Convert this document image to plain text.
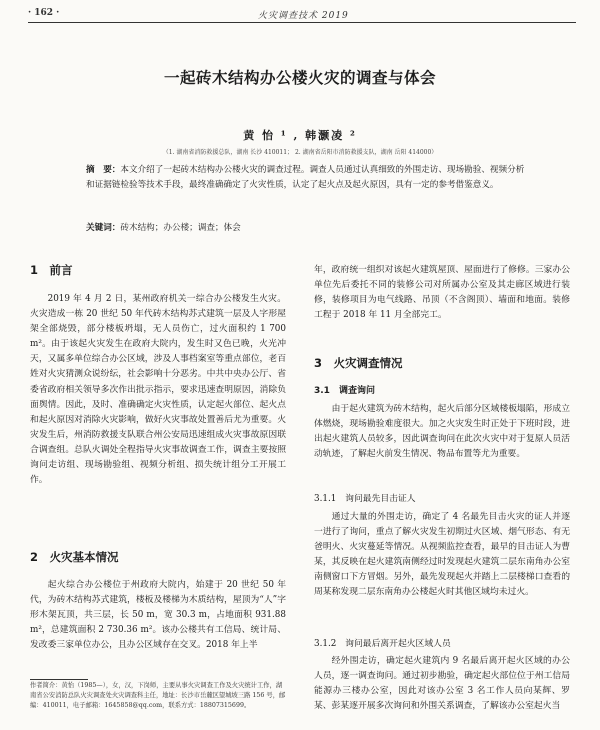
· 162 ·	火灾调查技术 2019
一起砖木结构办公楼火灾的调查与体会
黄 怡 ¹ , 韩灏凌 ²
（1. 湖南省消防救援总队，湖南 长沙 410011； 2. 湖南省岳阳市消防救援支队，湖南 岳阳 414000）
摘　要：本文介绍了一起砖木结构办公楼火灾的调查过程。调查人员通过认真细致的外围走访、现场勘验、视频分析和证据链检验等技术手段，最终准确确定了火灾性质，认定了起火点及起火原因，具有一定的参考借鉴意义。
关键词：砖木结构；办公楼；调查；体会
1　前言

2019 年 4 月 2 日，某州政府机关一综合办公楼发生火灾。火灾造成一栋 20 世纪 50 年代砖木结构苏式建筑一层及人字形屋架全部烧毁，部分楼板坍塌，无人员伤亡，过火面积约 1 700 m²。由于该起火灾发生在政府大院内，发生时又色已晚，火光冲天，又属多单位综合办公区域，涉及人事档案室等重点部位，老百姓对火灾猜测众说纷纭，社会影响十分恶劣。中共中央办公厅、省委省政府相关领导多次作出批示指示，要求迅速查明原因，消除负面舆情。因此，及时、准确确定火灾性质，认定起火部位、起火点和起火原因对消除火灾影响，做好火灾事故处置善后尤为重要。火灾发生后，州消防救援支队联合州公安局迅速组成火灾事故原因联合调查组。总队火调处全程指导火灾事故调查工作，调查主要按照询问走访组、现场勘验组、视频分析组、损失统计组分工开展工作。

2　火灾基本情况

起火综合办公楼位于州政府大院内，始建于 20 世纪 50 年代，为砖木结构苏式建筑，楼板及楼梯为木质结构，屋顶为“人”字形木架瓦顶，共三层，长 50 m，宽 30.3 m，占地面积 931.88 m²，总建筑面积 2 730.36 m²。该办公楼共有工信局、统计局、发改委三家单位办公，且办公区域存在交叉。2018 年上半

作者简介：黄怡（1985—），女，汉，下岗师，主要从事火灾调查工作及火灾统计工作，湖南省公安消防总队火灾调查处火灾调查科主任，地址：长沙市岳麓区望城坡三路 156 号，邮编：410011，电子邮箱：1645858@qq.com，联系方式：18807315699。

年，政府统一组织对该起火建筑屋顶、屋面进行了修修。三家办公单位先后委托不同的装修公司对所属办公室及其走廊区域进行装修，装修项目为电气线路、吊顶（不含阁顶）、墙面和地面。装修工程于 2018 年 11 月全部完工。

3　火灾调查情况
3.1　调查询问

由于起火建筑为砖木结构，起火后部分区域楼板塌陷，形成立体燃烧，现场勘验难度很大。加之火灾发生时正处于下班时段，进出起火建筑人员较多，因此调查询问在此次火灾中对于复原人员活动轨迹，了解起火前发生情况、物品布置等尤为重要。

3.1.1　询问最先目击证人

通过大量的外围走访，确定了 4 名最先目击火灾的证人并逐一进行了询问，重点了解火灾发生初期过火区域、烟气形态、有无爸明火、火灾蔓延等情况。从视频监控查看，最早的目击证人为曹某，其反映在起火建筑南侧经过时发现起火建筑二层东南角办公室南侧窗口下方冒烟。另外，最先发现起火并踏上二层楼梯口查看的周某称发现二层东南角办公楼起火时其他区域均未过火。

3.1.2　询问最后离开起火区域人员

经外围走访，确定起火建筑内 9 名最后离开起火区域的办公人员，逐一调查询问。通过初步勘验，确定起火部位位于州工信局能源办三楼办公室，因此对该办公室 3 名工作人员向某辉、罗某、彭某逐开展多次询问和外围关系调查，了解该办公室起火当
